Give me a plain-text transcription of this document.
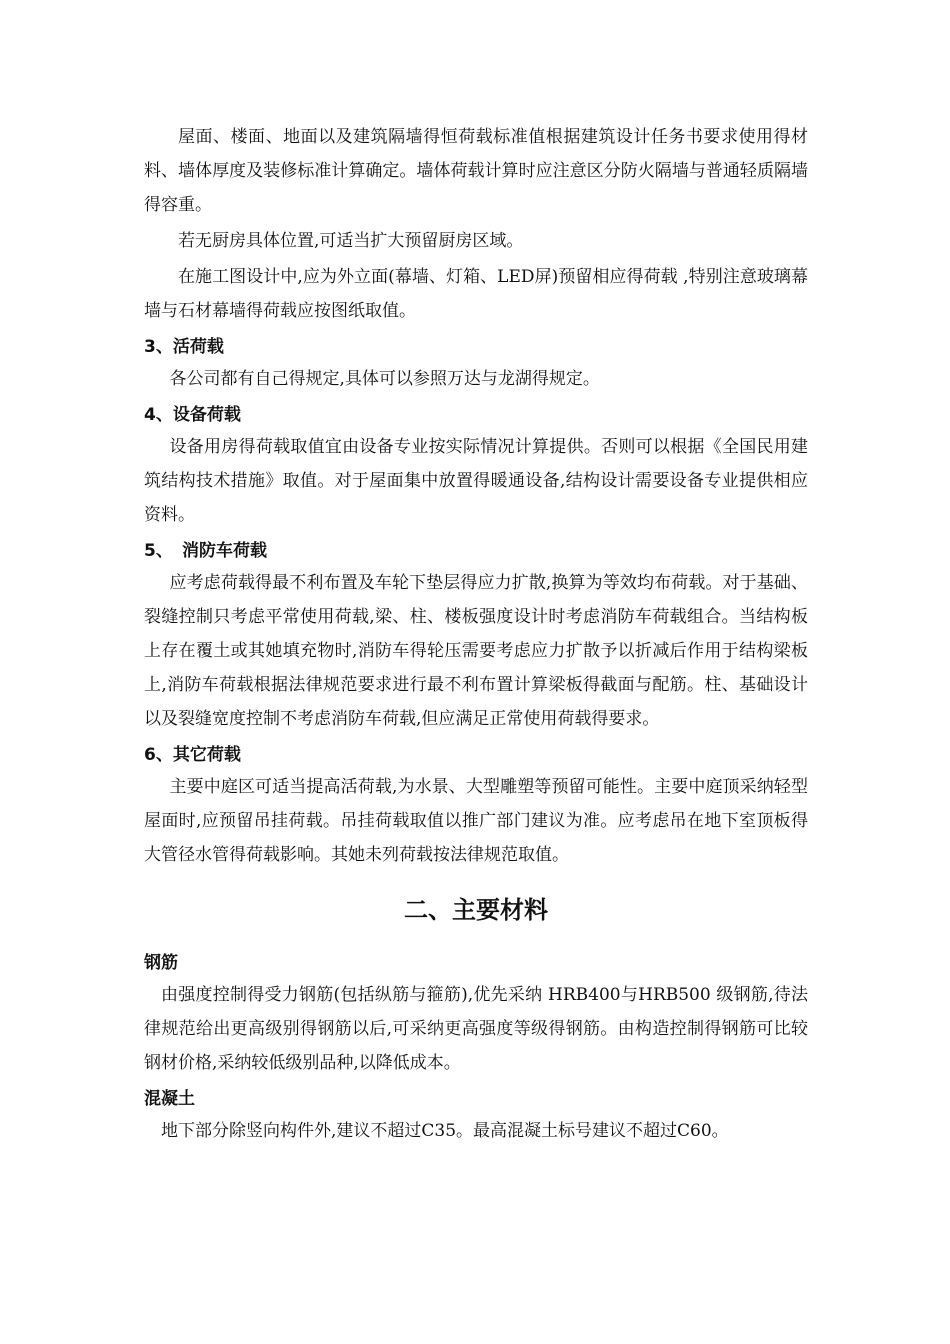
屋面、楼面、地面以及建筑隔墙得恒荷载标准值根据建筑设计任务书要求使用得材料、墙体厚度及装修标准计算确定。墙体荷载计算时应注意区分防火隔墙与普通轻质隔墙得容重。

若无厨房具体位置,可适当扩大预留厨房区域。

在施工图设计中,应为外立面(幕墙、灯箱、LED屏)预留相应得荷载 ,特别注意玻璃幕墙与石材幕墙得荷载应按图纸取值。

3、活荷载

各公司都有自己得规定,具体可以参照万达与龙湖得规定。

4、设备荷载

设备用房得荷载取值宜由设备专业按实际情况计算提供。否则可以根据《全国民用建筑结构技术措施》取值。对于屋面集中放置得暖通设备,结构设计需要设备专业提供相应资料。

5、 消防车荷载

应考虑荷载得最不利布置及车轮下垫层得应力扩散,换算为等效均布荷载。对于基础、裂缝控制只考虑平常使用荷载,梁、柱、楼板强度设计时考虑消防车荷载组合。当结构板上存在覆土或其她填充物时,消防车得轮压需要考虑应力扩散予以折减后作用于结构梁板上,消防车荷载根据法律规范要求进行最不利布置计算梁板得截面与配筋。柱、基础设计以及裂缝宽度控制不考虑消防车荷载,但应满足正常使用荷载得要求。

6、其它荷载

主要中庭区可适当提高活荷载,为水景、大型雕塑等预留可能性。主要中庭顶采纳轻型屋面时,应预留吊挂荷载。吊挂荷载取值以推广部门建议为准。应考虑吊在地下室顶板得大管径水管得荷载影响。其她未列荷载按法律规范取值。

二、主要材料
钢筋

由强度控制得受力钢筋(包括纵筋与箍筋),优先采纳 HRB400与HRB500 级钢筋,待法律规范给出更高级别得钢筋以后,可采纳更高强度等级得钢筋。由构造控制得钢筋可比较钢材价格,采纳较低级别品种,以降低成本。

混凝土

地下部分除竖向构件外,建议不超过C35。最高混凝土标号建议不超过C60。
